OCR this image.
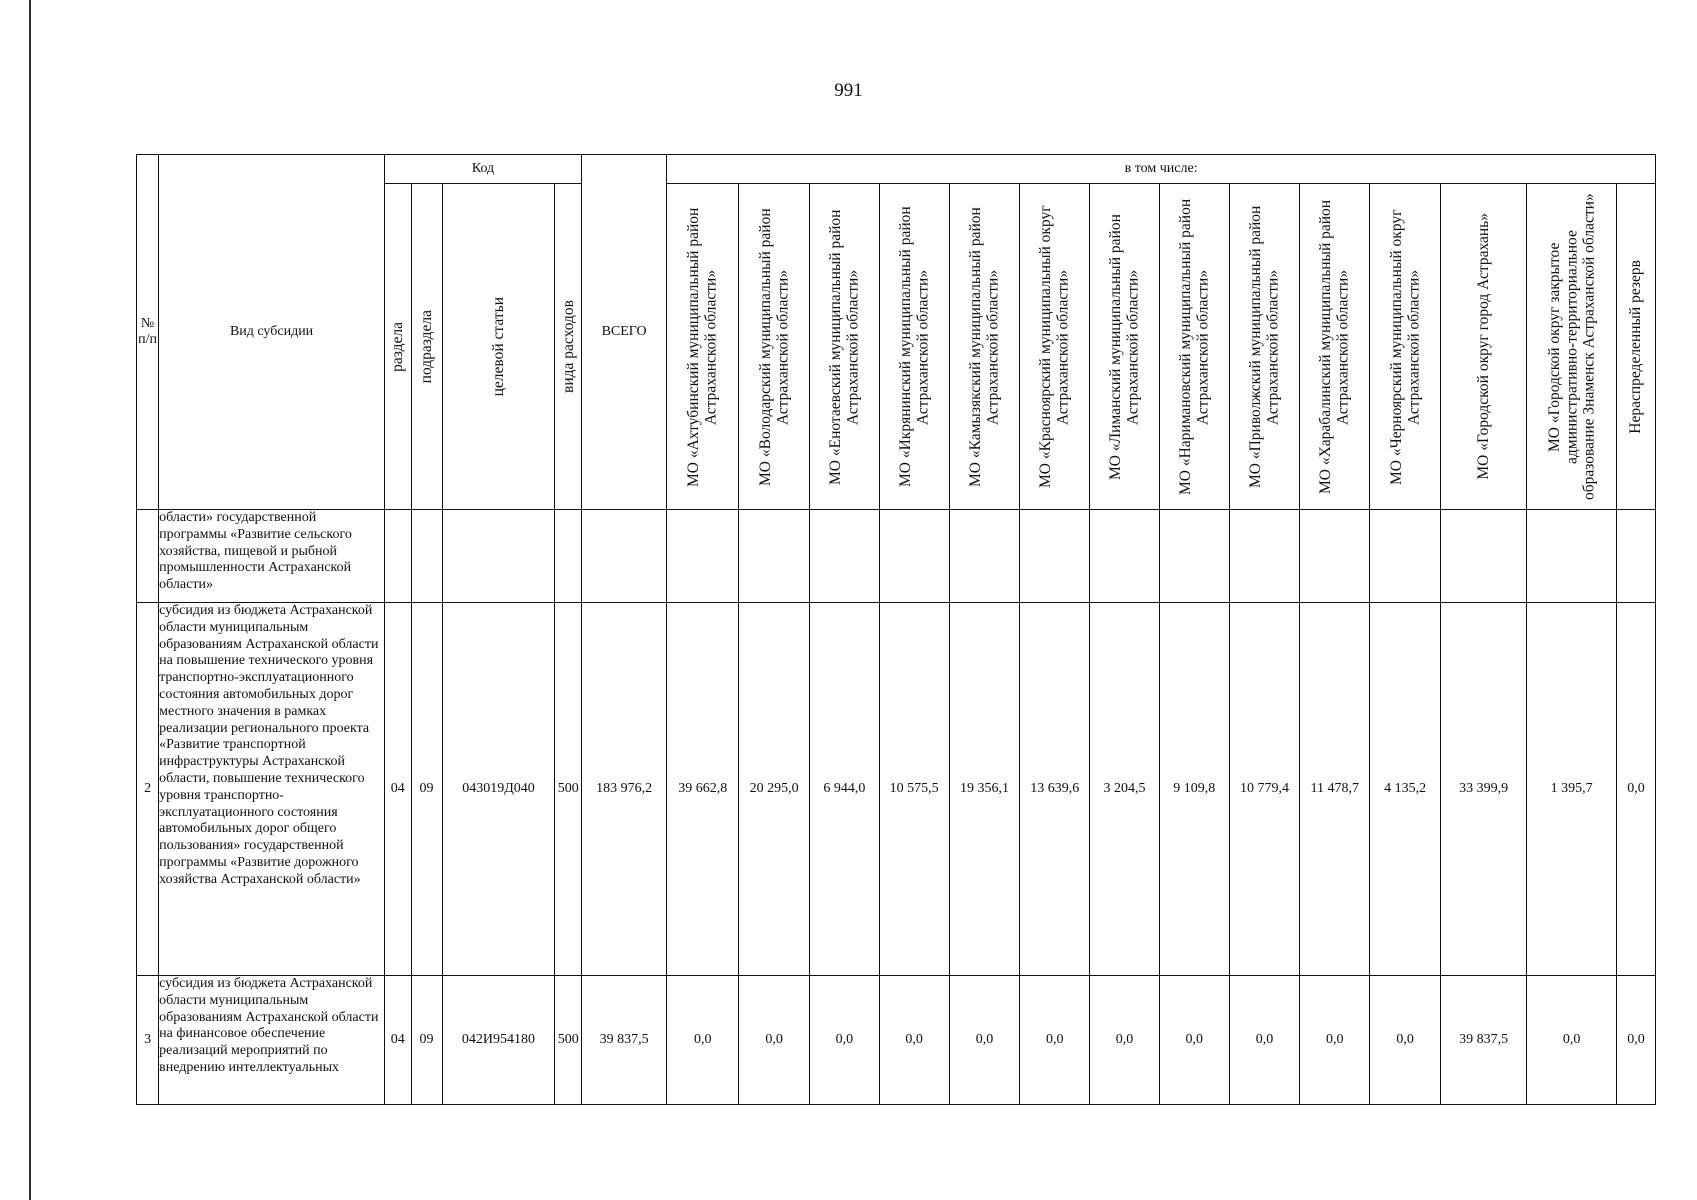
991
№ п/п	Вид субсидии	Код				ВСЕГО	в том числе:													

		раздела	подраздела	целевой статьи	вида расходов		МО «Ахтубинский муниципальный район Астраханской области»	МО «Володарский муниципальный район Астраханской области»	МО «Енотаевский муниципальный район Астраханской области»	МО «Икрянинский муниципальный район Астраханской области»	МО «Камызякский муниципальный район Астраханской области»	МО «Красноярский муниципальный округ Астраханской области»	МО «Лиманский муниципальный район Астраханской области»	МО «Наримановский муниципальный район Астраханской области»	МО «Приволжский муниципальный район Астраханской области»	МО «Харабалинский муниципальный район Астраханской области»	МО «Черноярский муниципальный округ Астраханской области»	МО «Городской округ город Астрахань»	МО «Городской округ закрытое административно-территориальное образование Знаменск Астраханской области»	Нераспределенный резерв

	области» государственной программы «Развитие сельского хозяйства, пищевой и рыбной промышленности Астраханской области»																			
2	субсидия из бюджета Астраханской области муниципальным образованиям Астраханской области на повышение технического уровня транспортно-эксплуатационного состояния автомобильных дорог местного значения в рамках реализации регионального проекта «Развитие транспортной инфраструктуры Астраханской области, повышение технического уровня транспортно-эксплуатационного состояния автомобильных дорог общего пользования» государственной программы «Развитие дорожного хозяйства Астраханской области»	04	09	043019Д040	500	183 976,2	39 662,8	20 295,0	6 944,0	10 575,5	19 356,1	13 639,6	3 204,5	9 109,8	10 779,4	11 478,7	4 135,2	33 399,9	1 395,7	0,0
3	субсидия из бюджета Астраханской области муниципальным образованиям Астраханской области на финансовое обеспечение реализаций мероприятий по внедрению интеллектуальных	04	09	042И954180	500	39 837,5	0,0	0,0	0,0	0,0	0,0	0,0	0,0	0,0	0,0	0,0	0,0	39 837,5	0,0	0,0
